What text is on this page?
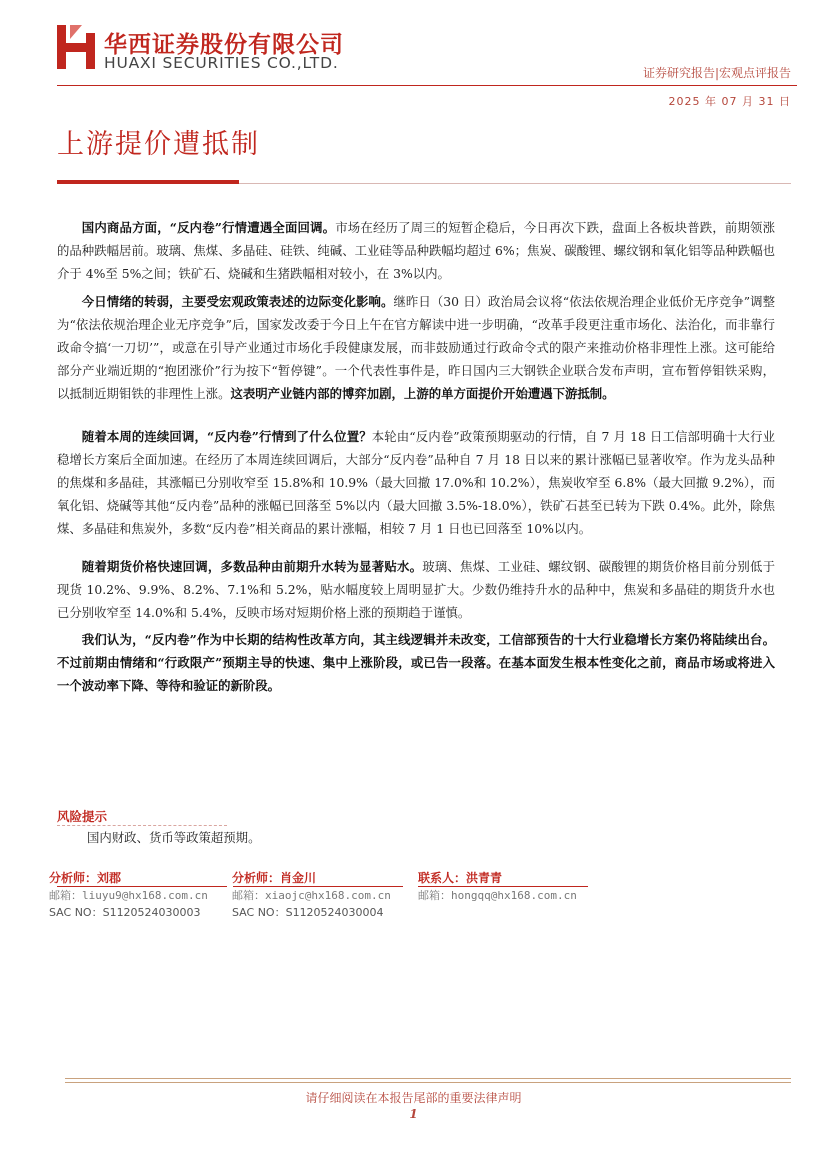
华西证券股份有限公司
HUAXI SECURITIES CO.,LTD.
证券研究报告|宏观点评报告
2025 年 07 月 31 日
上游提价遭抵制
国内商品方面，“反内卷”行情遭遇全面回调。市场在经历了周三的短暂企稳后，今日再次下跌，盘面上各板块普跌，前期领涨的品种跌幅居前。玻璃、焦煤、多晶硅、硅铁、纯碱、工业硅等品种跌幅均超过 6%；焦炭、碳酸锂、螺纹钢和氧化铝等品种跌幅也介于 4%至 5%之间；铁矿石、烧碱和生猪跌幅相对较小，在 3%以内。
今日情绪的转弱，主要受宏观政策表述的边际变化影响。继昨日（30 日）政治局会议将“依法依规治理企业低价无序竞争”调整为“依法依规治理企业无序竞争”后，国家发改委于今日上午在官方解读中进一步明确，“改革手段更注重市场化、法治化，而非靠行政命令搞‘一刀切’”，或意在引导产业通过市场化手段健康发展，而非鼓励通过行政命令式的限产来推动价格非理性上涨。这可能给部分产业端近期的“抱团涨价”行为按下“暂停键”。一个代表性事件是，昨日国内三大钢铁企业联合发布声明，宣布暂停钼铁采购，以抵制近期钼铁的非理性上涨。这表明产业链内部的博弈加剧，上游的单方面提价开始遭遇下游抵制。
随着本周的连续回调，“反内卷”行情到了什么位置？本轮由“反内卷”政策预期驱动的行情，自 7 月 18 日工信部明确十大行业稳增长方案后全面加速。在经历了本周连续回调后，大部分“反内卷”品种自 7 月 18 日以来的累计涨幅已显著收窄。作为龙头品种的焦煤和多晶硅，其涨幅已分别收窄至 15.8%和 10.9%（最大回撤 17.0%和 10.2%），焦炭收窄至 6.8%（最大回撤 9.2%），而氧化铝、烧碱等其他“反内卷”品种的涨幅已回落至 5%以内（最大回撤 3.5%-18.0%），铁矿石甚至已转为下跌 0.4%。此外，除焦煤、多晶硅和焦炭外，多数“反内卷”相关商品的累计涨幅，相较 7 月 1 日也已回落至 10%以内。
随着期货价格快速回调，多数品种由前期升水转为显著贴水。玻璃、焦煤、工业硅、螺纹钢、碳酸锂的期货价格目前分别低于现货 10.2%、9.9%、8.2%、7.1%和 5.2%，贴水幅度较上周明显扩大。少数仍维持升水的品种中，焦炭和多晶硅的期货升水也已分别收窄至 14.0%和 5.4%，反映市场对短期价格上涨的预期趋于谨慎。
我们认为，“反内卷”作为中长期的结构性改革方向，其主线逻辑并未改变，工信部预告的十大行业稳增长方案仍将陆续出台。不过前期由情绪和“行政限产”预期主导的快速、集中上涨阶段，或已告一段落。在基本面发生根本性变化之前，商品市场或将进入一个波动率下降、等待和验证的新阶段。
风险提示
国内财政、货币等政策超预期。
分析师：刘郡
邮箱：liuyu9@hx168.com.cn
SAC NO：S1120524030003
分析师：肖金川
邮箱：xiaojc@hx168.com.cn
SAC NO：S1120524030004
联系人：洪青青
邮箱：hongqq@hx168.com.cn
请仔细阅读在本报告尾部的重要法律声明
1
